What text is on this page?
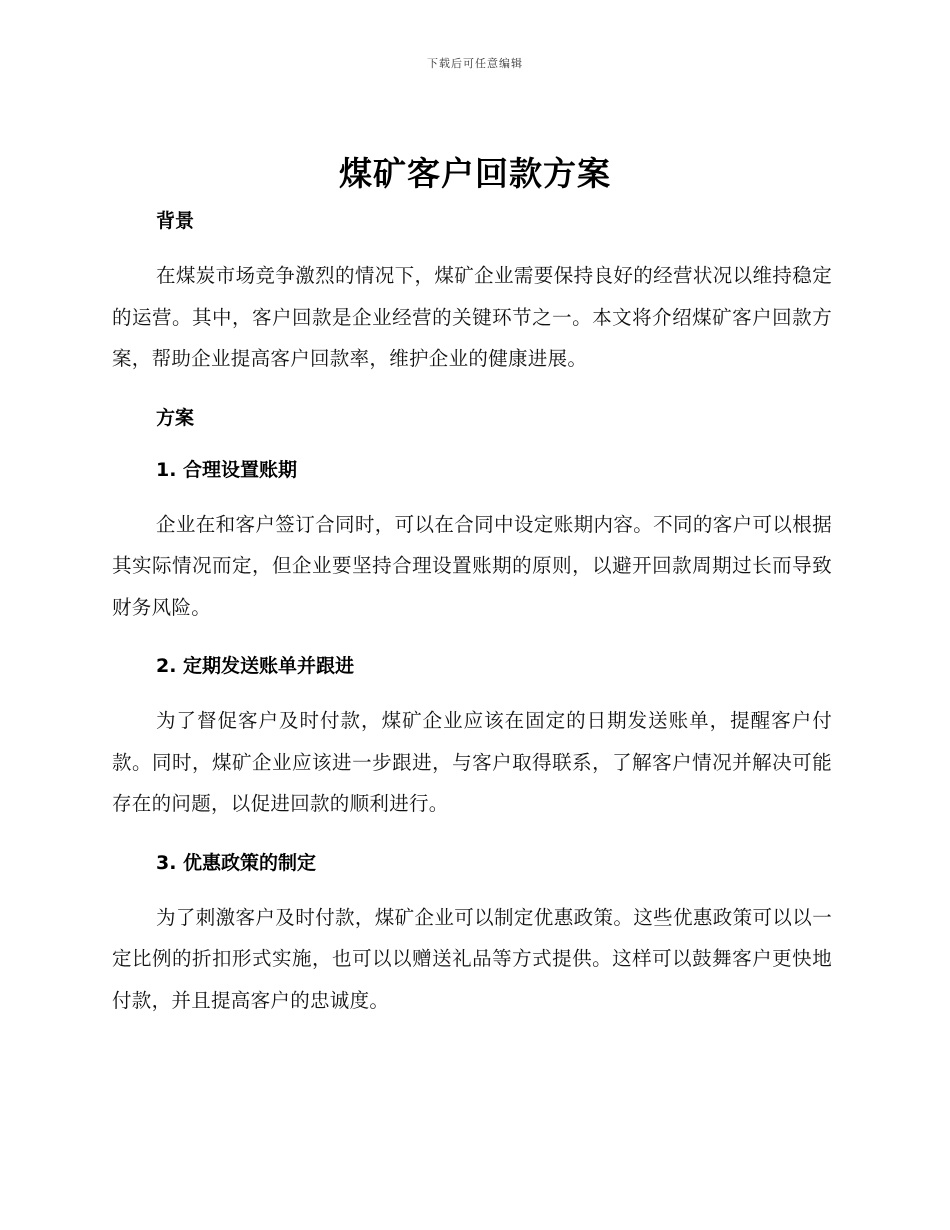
下载后可任意编辑
煤矿客户回款方案

背景

在煤炭市场竞争激烈的情况下，煤矿企业需要保持良好的经营状况以维持稳定的运营。其中，客户回款是企业经营的关键环节之一。本文将介绍煤矿客户回款方案，帮助企业提高客户回款率，维护企业的健康进展。

方案

1. 合理设置账期

企业在和客户签订合同时，可以在合同中设定账期内容。不同的客户可以根据其实际情况而定，但企业要坚持合理设置账期的原则，以避开回款周期过长而导致财务风险。

2. 定期发送账单并跟进

为了督促客户及时付款，煤矿企业应该在固定的日期发送账单，提醒客户付款。同时，煤矿企业应该进一步跟进，与客户取得联系，了解客户情况并解决可能存在的问题，以促进回款的顺利进行。

3. 优惠政策的制定

为了刺激客户及时付款，煤矿企业可以制定优惠政策。这些优惠政策可以以一定比例的折扣形式实施，也可以以赠送礼品等方式提供。这样可以鼓舞客户更快地付款，并且提高客户的忠诚度。
